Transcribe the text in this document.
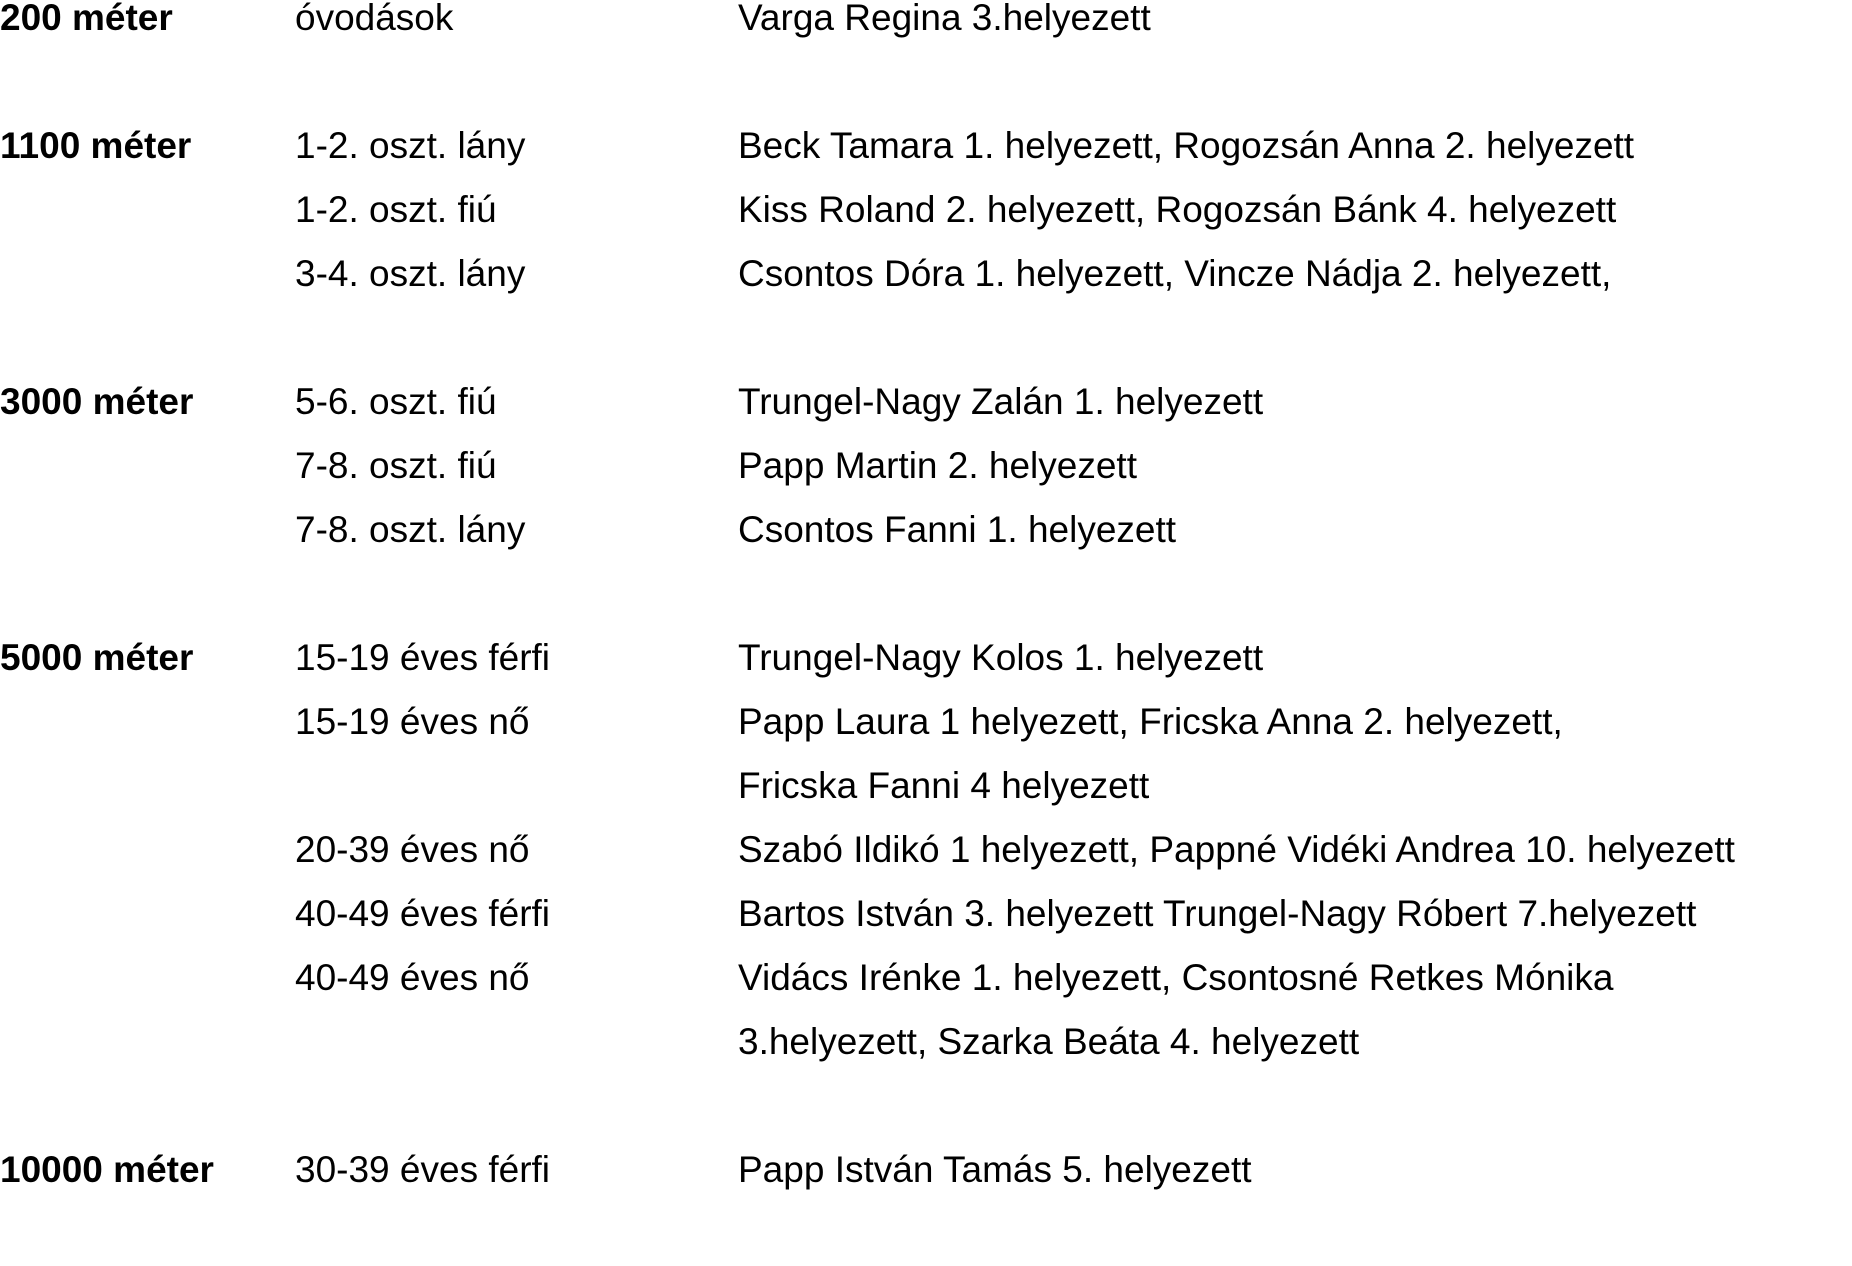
200 méter	óvodások	Varga Regina 3.helyezett
1100 méter	1-2. oszt. lány	Beck Tamara 1. helyezett, Rogozsán Anna 2. helyezett
1-2. oszt. fiú	Kiss Roland 2. helyezett, Rogozsán Bánk 4. helyezett
3-4. oszt. lány	Csontos Dóra 1. helyezett, Vincze Nádja 2. helyezett,
3000 méter	5-6. oszt. fiú	Trungel-Nagy Zalán 1. helyezett
7-8. oszt. fiú	Papp Martin 2. helyezett
7-8. oszt. lány	Csontos Fanni 1. helyezett
5000 méter	15-19 éves férfi	Trungel-Nagy Kolos 1. helyezett
15-19 éves nő	Papp Laura 1 helyezett, Fricska Anna 2. helyezett,
Fricska Fanni 4 helyezett
20-39 éves nő	Szabó Ildikó 1 helyezett, Pappné Vidéki Andrea 10. helyezett
40-49 éves férfi	Bartos István 3. helyezett Trungel-Nagy Róbert 7.helyezett
40-49 éves nő	Vidács Irénke 1. helyezett, Csontosné Retkes Mónika
3.helyezett, Szarka Beáta 4. helyezett
10000 méter 30-39 éves férfi	Papp István Tamás 5. helyezett
